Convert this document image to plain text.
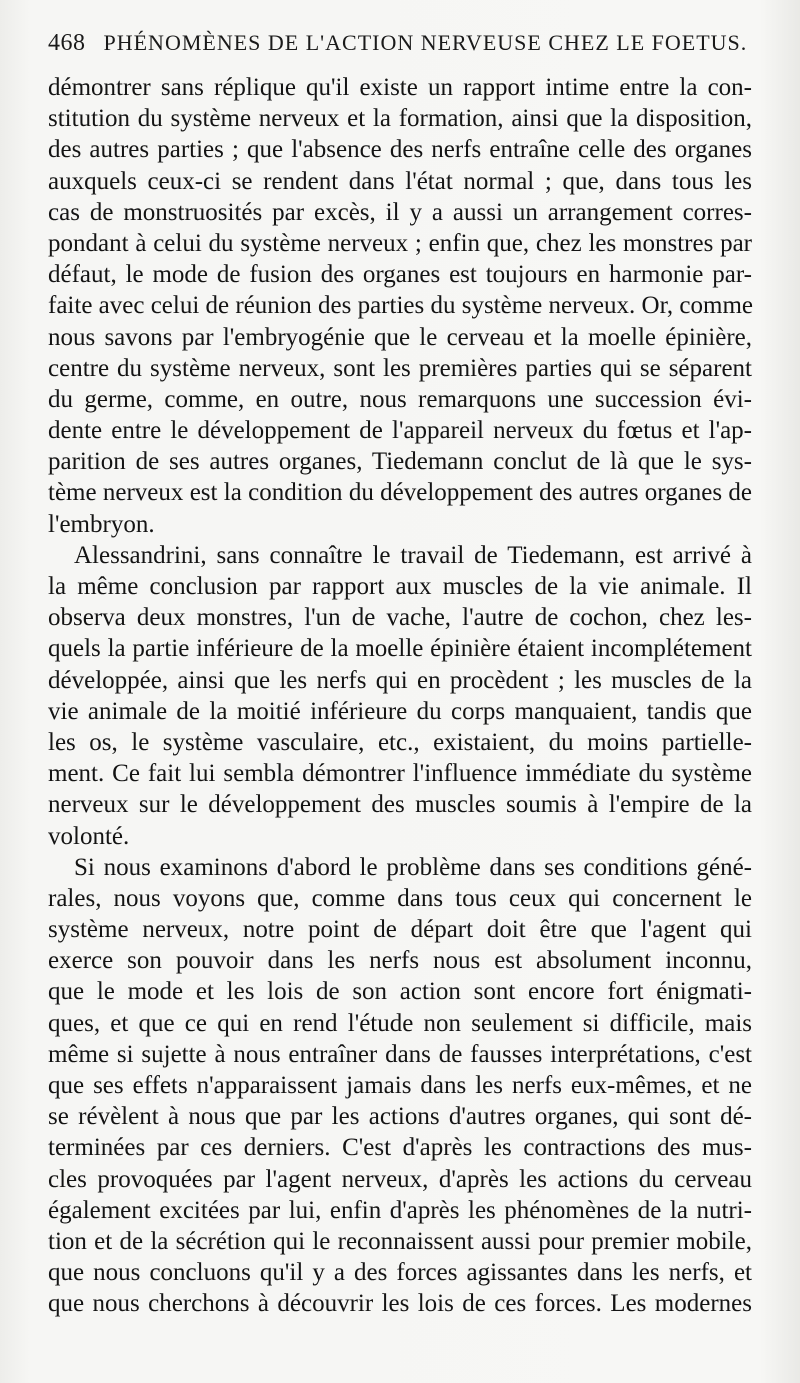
468 PHÉNOMÈNES DE L'ACTION NERVEUSE CHEZ LE FOETUS.
démontrer sans réplique qu'il existe un rapport intime entre la con-
stitution du système nerveux et la formation, ainsi que la disposition,
des autres parties ; que l'absence des nerfs entraîne celle des organes
auxquels ceux-ci se rendent dans l'état normal ; que, dans tous les
cas de monstruosités par excès, il y a aussi un arrangement corres-
pondant à celui du système nerveux ; enfin que, chez les monstres par
défaut, le mode de fusion des organes est toujours en harmonie par-
faite avec celui de réunion des parties du système nerveux. Or, comme
nous savons par l'embryogénie que le cerveau et la moelle épinière,
centre du système nerveux, sont les premières parties qui se séparent
du germe, comme, en outre, nous remarquons une succession évi-
dente entre le développement de l'appareil nerveux du fœtus et l'ap-
parition de ses autres organes, Tiedemann conclut de là que le sys-
tème nerveux est la condition du développement des autres organes de
l'embryon.
Alessandrini, sans connaître le travail de Tiedemann, est arrivé à
la même conclusion par rapport aux muscles de la vie animale. Il
observa deux monstres, l'un de vache, l'autre de cochon, chez les-
quels la partie inférieure de la moelle épinière étaient incomplétement
développée, ainsi que les nerfs qui en procèdent ; les muscles de la
vie animale de la moitié inférieure du corps manquaient, tandis que
les os, le système vasculaire, etc., existaient, du moins partielle-
ment. Ce fait lui sembla démontrer l'influence immédiate du système
nerveux sur le développement des muscles soumis à l'empire de la
volonté.
Si nous examinons d'abord le problème dans ses conditions géné-
rales, nous voyons que, comme dans tous ceux qui concernent le
système nerveux, notre point de départ doit être que l'agent qui
exerce son pouvoir dans les nerfs nous est absolument inconnu,
que le mode et les lois de son action sont encore fort énigmati-
ques, et que ce qui en rend l'étude non seulement si difficile, mais
même si sujette à nous entraîner dans de fausses interprétations, c'est
que ses effets n'apparaissent jamais dans les nerfs eux-mêmes, et ne
se révèlent à nous que par les actions d'autres organes, qui sont dé-
terminées par ces derniers. C'est d'après les contractions des mus-
cles provoquées par l'agent nerveux, d'après les actions du cerveau
également excitées par lui, enfin d'après les phénomènes de la nutri-
tion et de la sécrétion qui le reconnaissent aussi pour premier mobile,
que nous concluons qu'il y a des forces agissantes dans les nerfs, et
que nous cherchons à découvrir les lois de ces forces. Les modernes
